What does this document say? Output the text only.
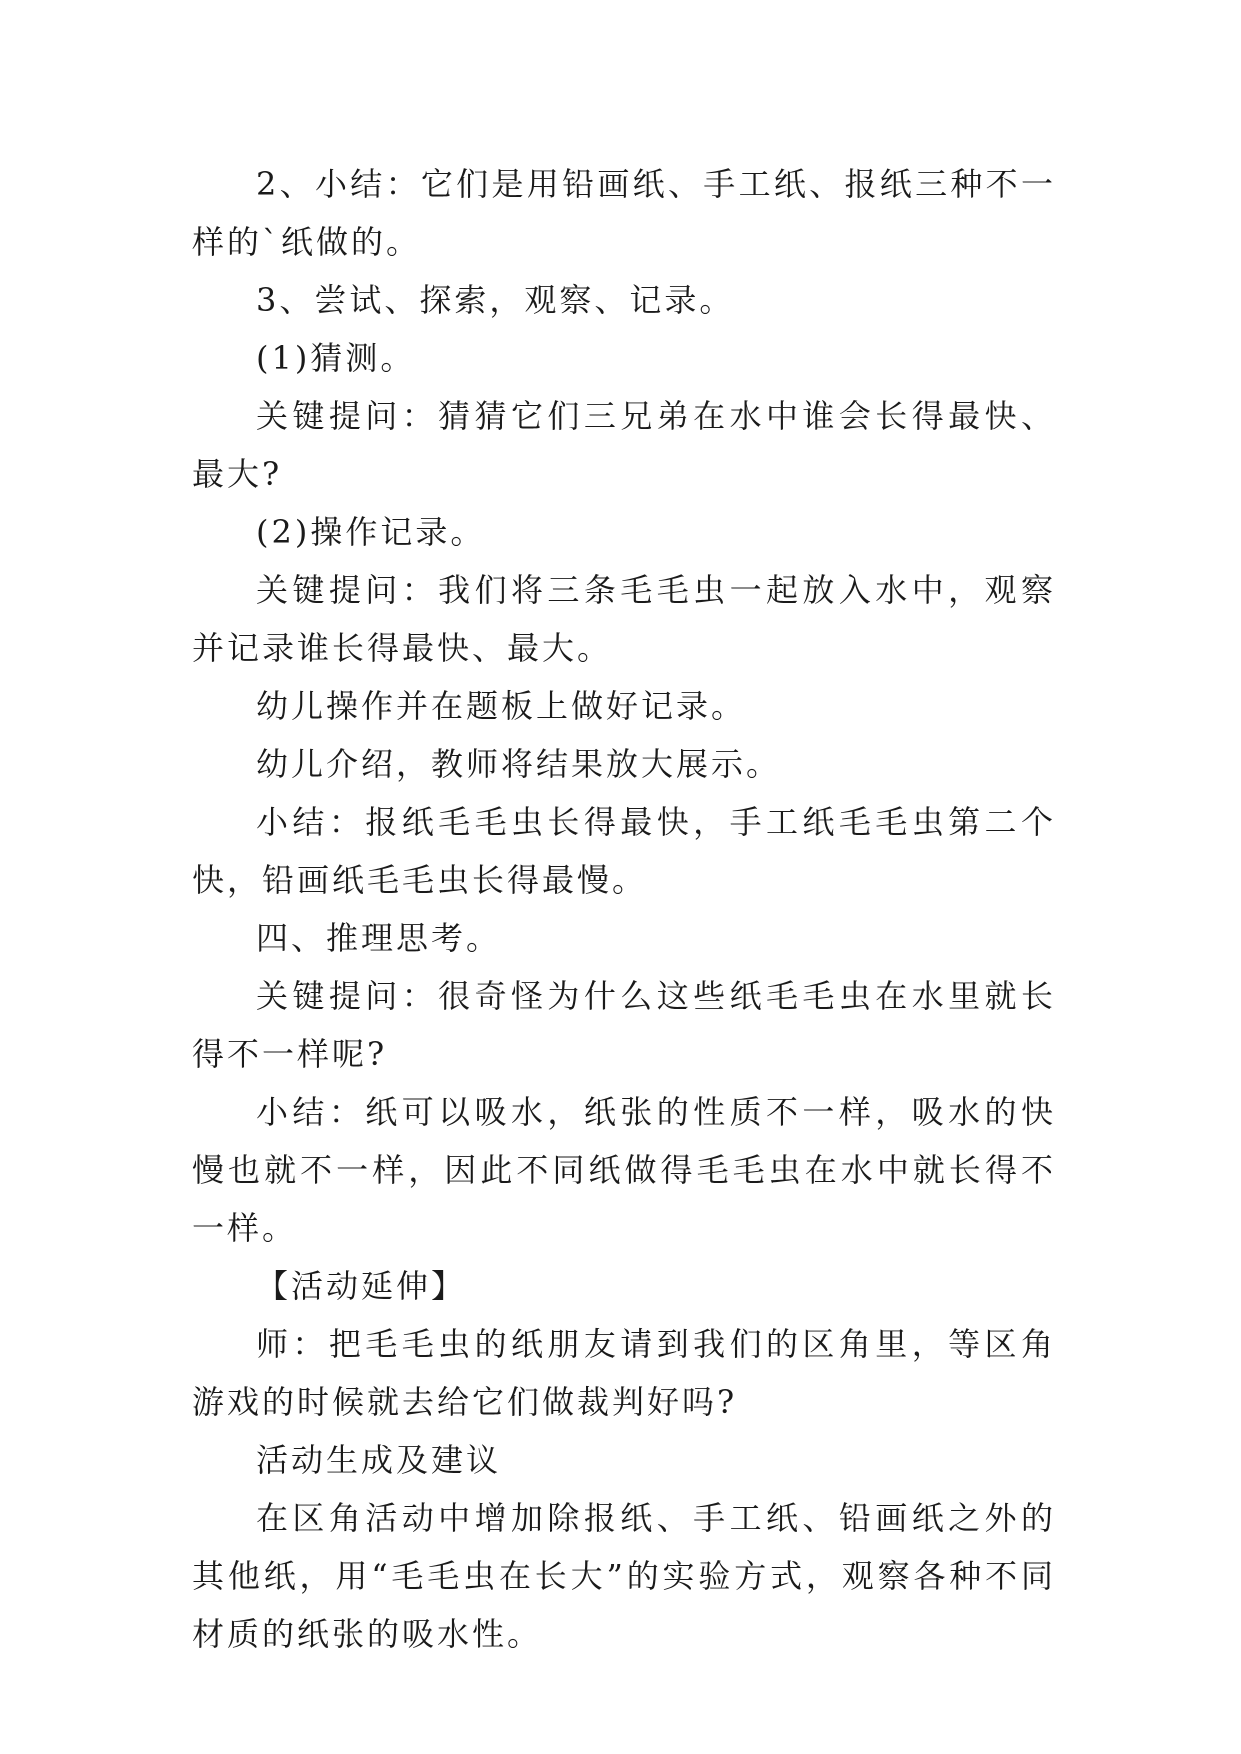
2、小结：它们是用铅画纸、手工纸、报纸三种不一样的`纸做的。

3、尝试、探索，观察、记录。

(1)猜测。

关键提问：猜猜它们三兄弟在水中谁会长得最快、最大?

(2)操作记录。

关键提问：我们将三条毛毛虫一起放入水中，观察并记录谁长得最快、最大。

幼儿操作并在题板上做好记录。

幼儿介绍，教师将结果放大展示。

小结：报纸毛毛虫长得最快，手工纸毛毛虫第二个快，铅画纸毛毛虫长得最慢。

四、推理思考。

关键提问：很奇怪为什么这些纸毛毛虫在水里就长得不一样呢?

小结：纸可以吸水，纸张的性质不一样，吸水的快慢也就不一样，因此不同纸做得毛毛虫在水中就长得不一样。

【活动延伸】

师：把毛毛虫的纸朋友请到我们的区角里，等区角游戏的时候就去给它们做裁判好吗?

活动生成及建议

在区角活动中增加除报纸、手工纸、铅画纸之外的其他纸，用“毛毛虫在长大”的实验方式，观察各种不同材质的纸张的吸水性。
